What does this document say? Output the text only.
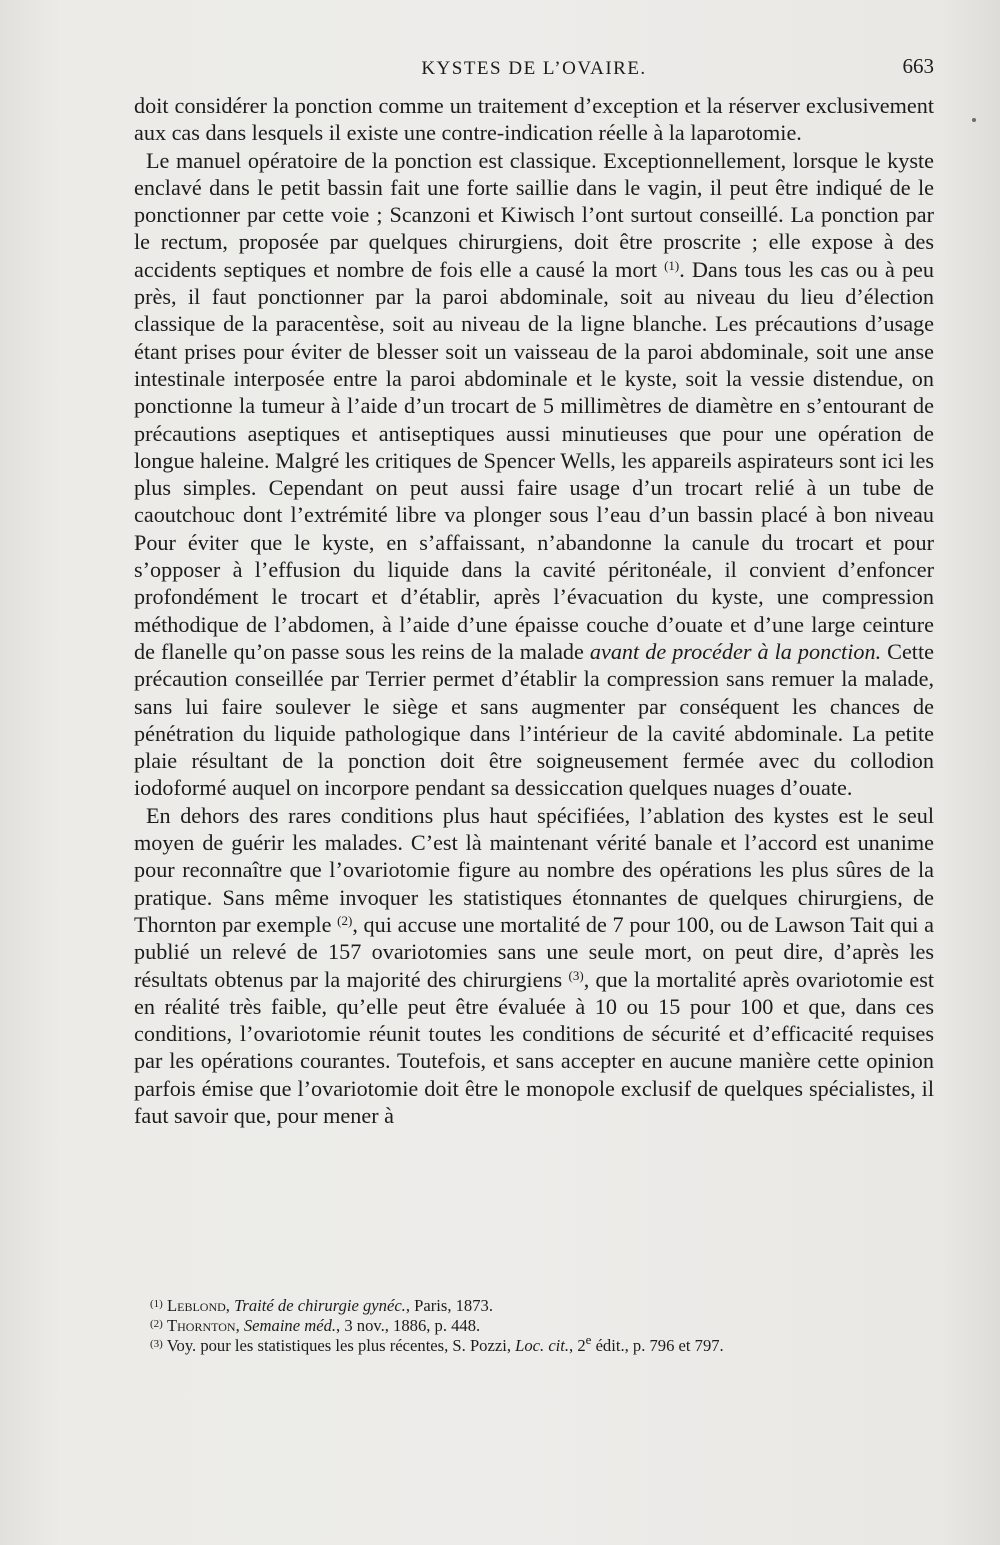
KYSTES DE L’OVAIRE.	663

doit considérer la ponction comme un traitement d’exception et la réserver exclusivement aux cas dans lesquels il existe une contre-indication réelle à la laparotomie.

Le manuel opératoire de la ponction est classique. Exceptionnellement, lorsque le kyste enclavé dans le petit bassin fait une forte saillie dans le vagin, il peut être indiqué de le ponctionner par cette voie ; Scanzoni et Kiwisch l’ont surtout conseillé. La ponction par le rectum, proposée par quelques chirurgiens, doit être proscrite ; elle expose à des accidents septiques et nombre de fois elle a causé la mort $^{(1)}$. Dans tous les cas ou à peu près, il faut ponctionner par la paroi abdominale, soit au niveau du lieu d’élection classique de la paracentèse, soit au niveau de la ligne blanche. Les précautions d’usage étant prises pour éviter de blesser soit un vaisseau de la paroi abdominale, soit une anse intestinale interposée entre la paroi abdominale et le kyste, soit la vessie distendue, on ponctionne la tumeur à l’aide d’un trocart de 5 millimètres de diamètre en s’entourant de précautions aseptiques et antiseptiques aussi minutieuses que pour une opération de longue haleine. Malgré les critiques de Spencer Wells, les appareils aspirateurs sont ici les plus simples. Cependant on peut aussi faire usage d’un trocart relié à un tube de caoutchouc dont l’extrémité libre va plonger sous l’eau d’un bassin placé à bon niveau Pour éviter que le kyste, en s’affaissant, n’abandonne la canule du trocart et pour s’opposer à l’effusion du liquide dans la cavité péritonéale, il convient d’enfoncer profondément le trocart et d’établir, après l’évacuation du kyste, une compression méthodique de l’abdomen, à l’aide d’une épaisse couche d’ouate et d’une large ceinture de flanelle qu’on passe sous les reins de la malade avant de procéder à la ponction. Cette précaution conseillée par Terrier permet d’établir la compression sans remuer la malade, sans lui faire soulever le siège et sans augmenter par conséquent les chances de pénétration du liquide pathologique dans l’intérieur de la cavité abdominale. La petite plaie résultant de la ponction doit être soigneusement fermée avec du collodion iodoformé auquel on incorpore pendant sa dessiccation quelques nuages d’ouate.

En dehors des rares conditions plus haut spécifiées, l’ablation des kystes est le seul moyen de guérir les malades. C’est là maintenant vérité banale et l’accord est unanime pour reconnaître que l’ovariotomie figure au nombre des opérations les plus sûres de la pratique. Sans même invoquer les statistiques étonnantes de quelques chirurgiens, de Thornton par exemple $^{(2)}$, qui accuse une mortalité de 7 pour 100, ou de Lawson Tait qui a publié un relevé de 157 ovariotomies sans une seule mort, on peut dire, d’après les résultats obtenus par la majorité des chirurgiens $^{(3)}$, que la mortalité après ovariotomie est en réalité très faible, qu’elle peut être évaluée à 10 ou 15 pour 100 et que, dans ces conditions, l’ovariotomie réunit toutes les conditions de sécurité et d’efficacité requises par les opérations courantes. Toutefois, et sans accepter en aucune manière cette opinion parfois émise que l’ovariotomie doit être le monopole exclusif de quelques spécialistes, il faut savoir que, pour mener à

$^{(1)}$ Leblond, Traité de chirurgie gynéc., Paris, 1873.
$^{(2)}$ Thornton, Semaine méd., 3 nov., 1886, p. 448.
$^{(3)}$ Voy. pour les statistiques les plus récentes, S. Pozzi, Loc. cit., 2e édit., p. 796 et 797.
